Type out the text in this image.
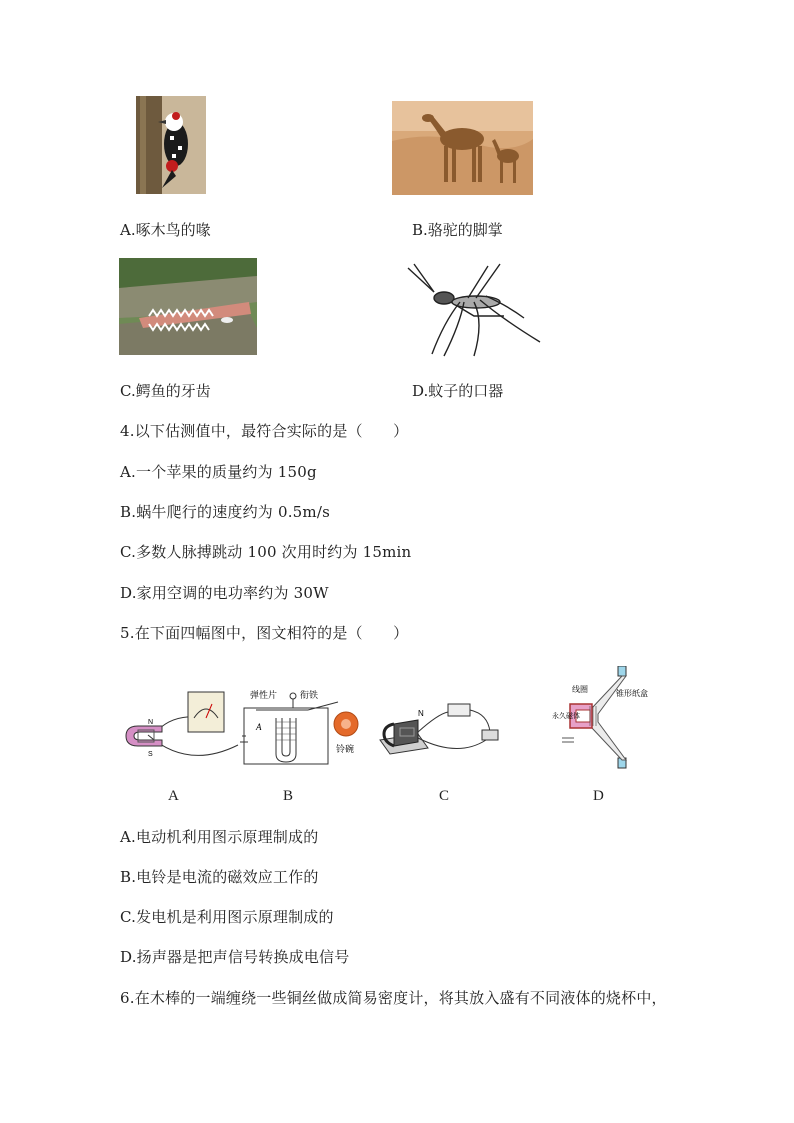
A.啄木鸟的喙	B.骆驼的脚掌
C.鳄鱼的牙齿	D.蚊子的口器
4.以下估测值中，最符合实际的是（　　）
A.一个苹果的质量约为 150g
B.蜗牛爬行的速度约为 0.5m/s
C.多数人脉搏跳动 100 次用时约为 15min
D.家用空调的电功率约为 30W
5.在下面四幅图中，图文相符的是（　　）
N
S
弹性片	衔铁
A
铃碗
N
线圈	锥形纸盒
永久磁体
A	B	C	D
A.电动机利用图示原理制成的
B.电铃是电流的磁效应工作的
C.发电机是利用图示原理制成的
D.扬声器是把声信号转换成电信号
6.在木棒的一端缠绕一些铜丝做成简易密度计，将其放入盛有不同液体的烧杯中，
